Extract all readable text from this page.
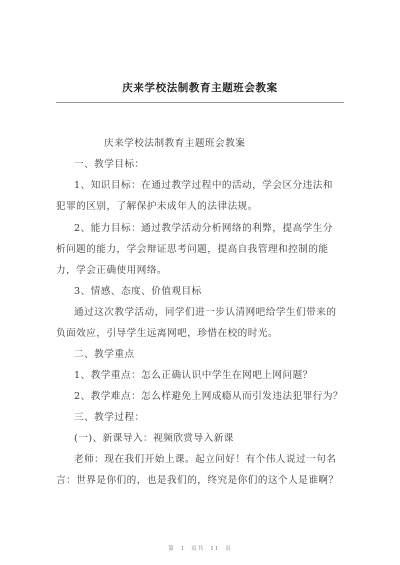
庆来学校法制教育主题班会教案
庆来学校法制教育主题班会教案
一、教学目标：
1、知识目标：在通过教学过程中的活动，学会区分违法和
犯罪的区别，了解保护未成年人的法律法规。
2、能力目标：通过教学活动分析网络的利弊，提高学生分
析问题的能力，学会辩证思考问题，提高自我管理和控制的能
力，学会正确使用网络。
3、情感、态度、价值观目标
通过这次教学活动，同学们进一步认清网吧给学生们带来的
负面效应，引导学生远离网吧，珍惜在校的时光。
二、教学重点
1、教学重点：怎么正确认识中学生在网吧上网问题？
2、教学难点：怎么样避免上网成瘾从而引发违法犯罪行为？
三、教学过程：
(一)、新课导入：视频欣赏导入新课
老师：现在我们开始上课。起立问好！有个伟人说过一句名
言：世界是你们的，也是我们的，终究是你们的这个人是谁啊？
第 1 页共 11 页
